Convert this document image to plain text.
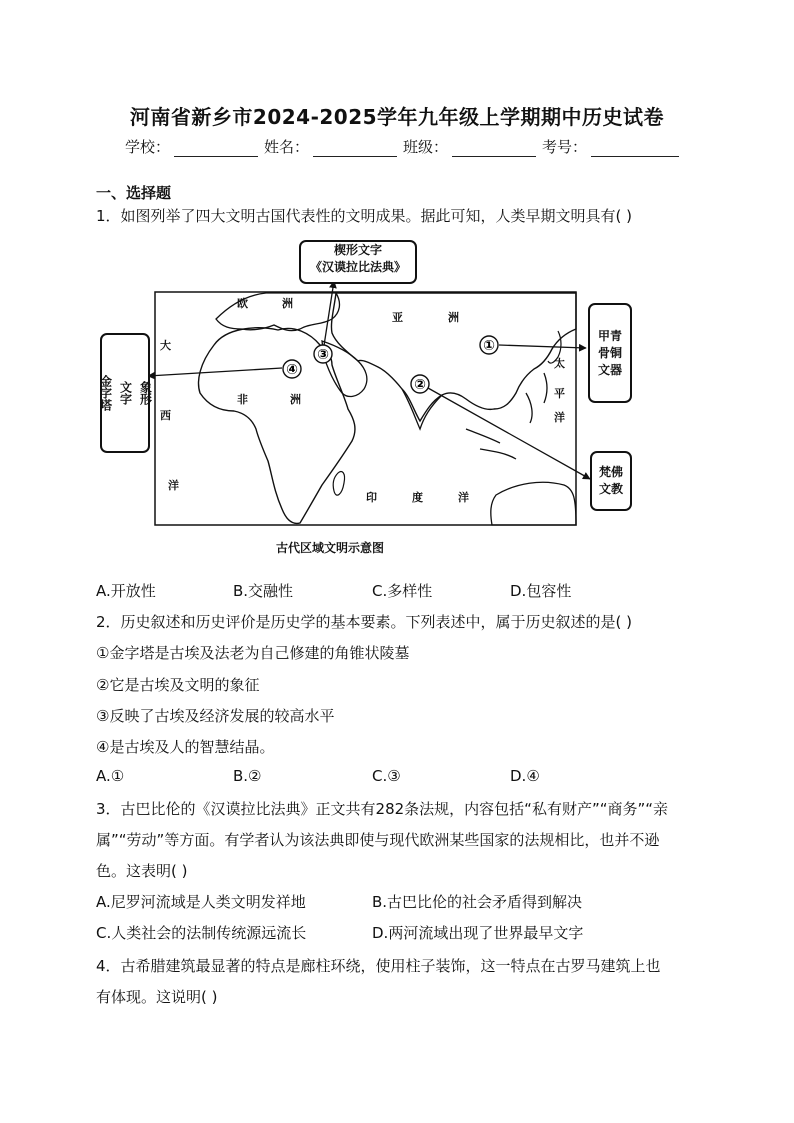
河南省新乡市2024-2025学年九年级上学期期中历史试卷
学校：	姓名：	班级：	考号：
一、选择题
1．如图列举了四大文明古国代表性的文明成果。据此可知，人类早期文明具有( )
①
②
③
④
楔形文字
《汉谟拉比法典》
象形
文字
金字塔
甲青
骨铜
文器
梵佛
文教
欧	洲
亚	洲
非	洲
大
西
洋
太
平
洋
印	度	洋
古代区域文明示意图
A.开放性	B.交融性	C.多样性	D.包容性
2．历史叙述和历史评价是历史学的基本要素。下列表述中，属于历史叙述的是( )
①金字塔是古埃及法老为自己修建的角锥状陵墓
②它是古埃及文明的象征
③反映了古埃及经济发展的较高水平
④是古埃及人的智慧结晶。
A.①	B.②	C.③	D.④
3．古巴比伦的《汉谟拉比法典》正文共有282条法规，内容包括“私有财产”“商务”“亲
属”“劳动”等方面。有学者认为该法典即使与现代欧洲某些国家的法规相比，也并不逊
色。这表明( )
A.尼罗河流域是人类文明发祥地	B.古巴比伦的社会矛盾得到解决
C.人类社会的法制传统源远流长	D.两河流域出现了世界最早文字
4．古希腊建筑最显著的特点是廊柱环绕，使用柱子装饰，这一特点在古罗马建筑上也
有体现。这说明( )
